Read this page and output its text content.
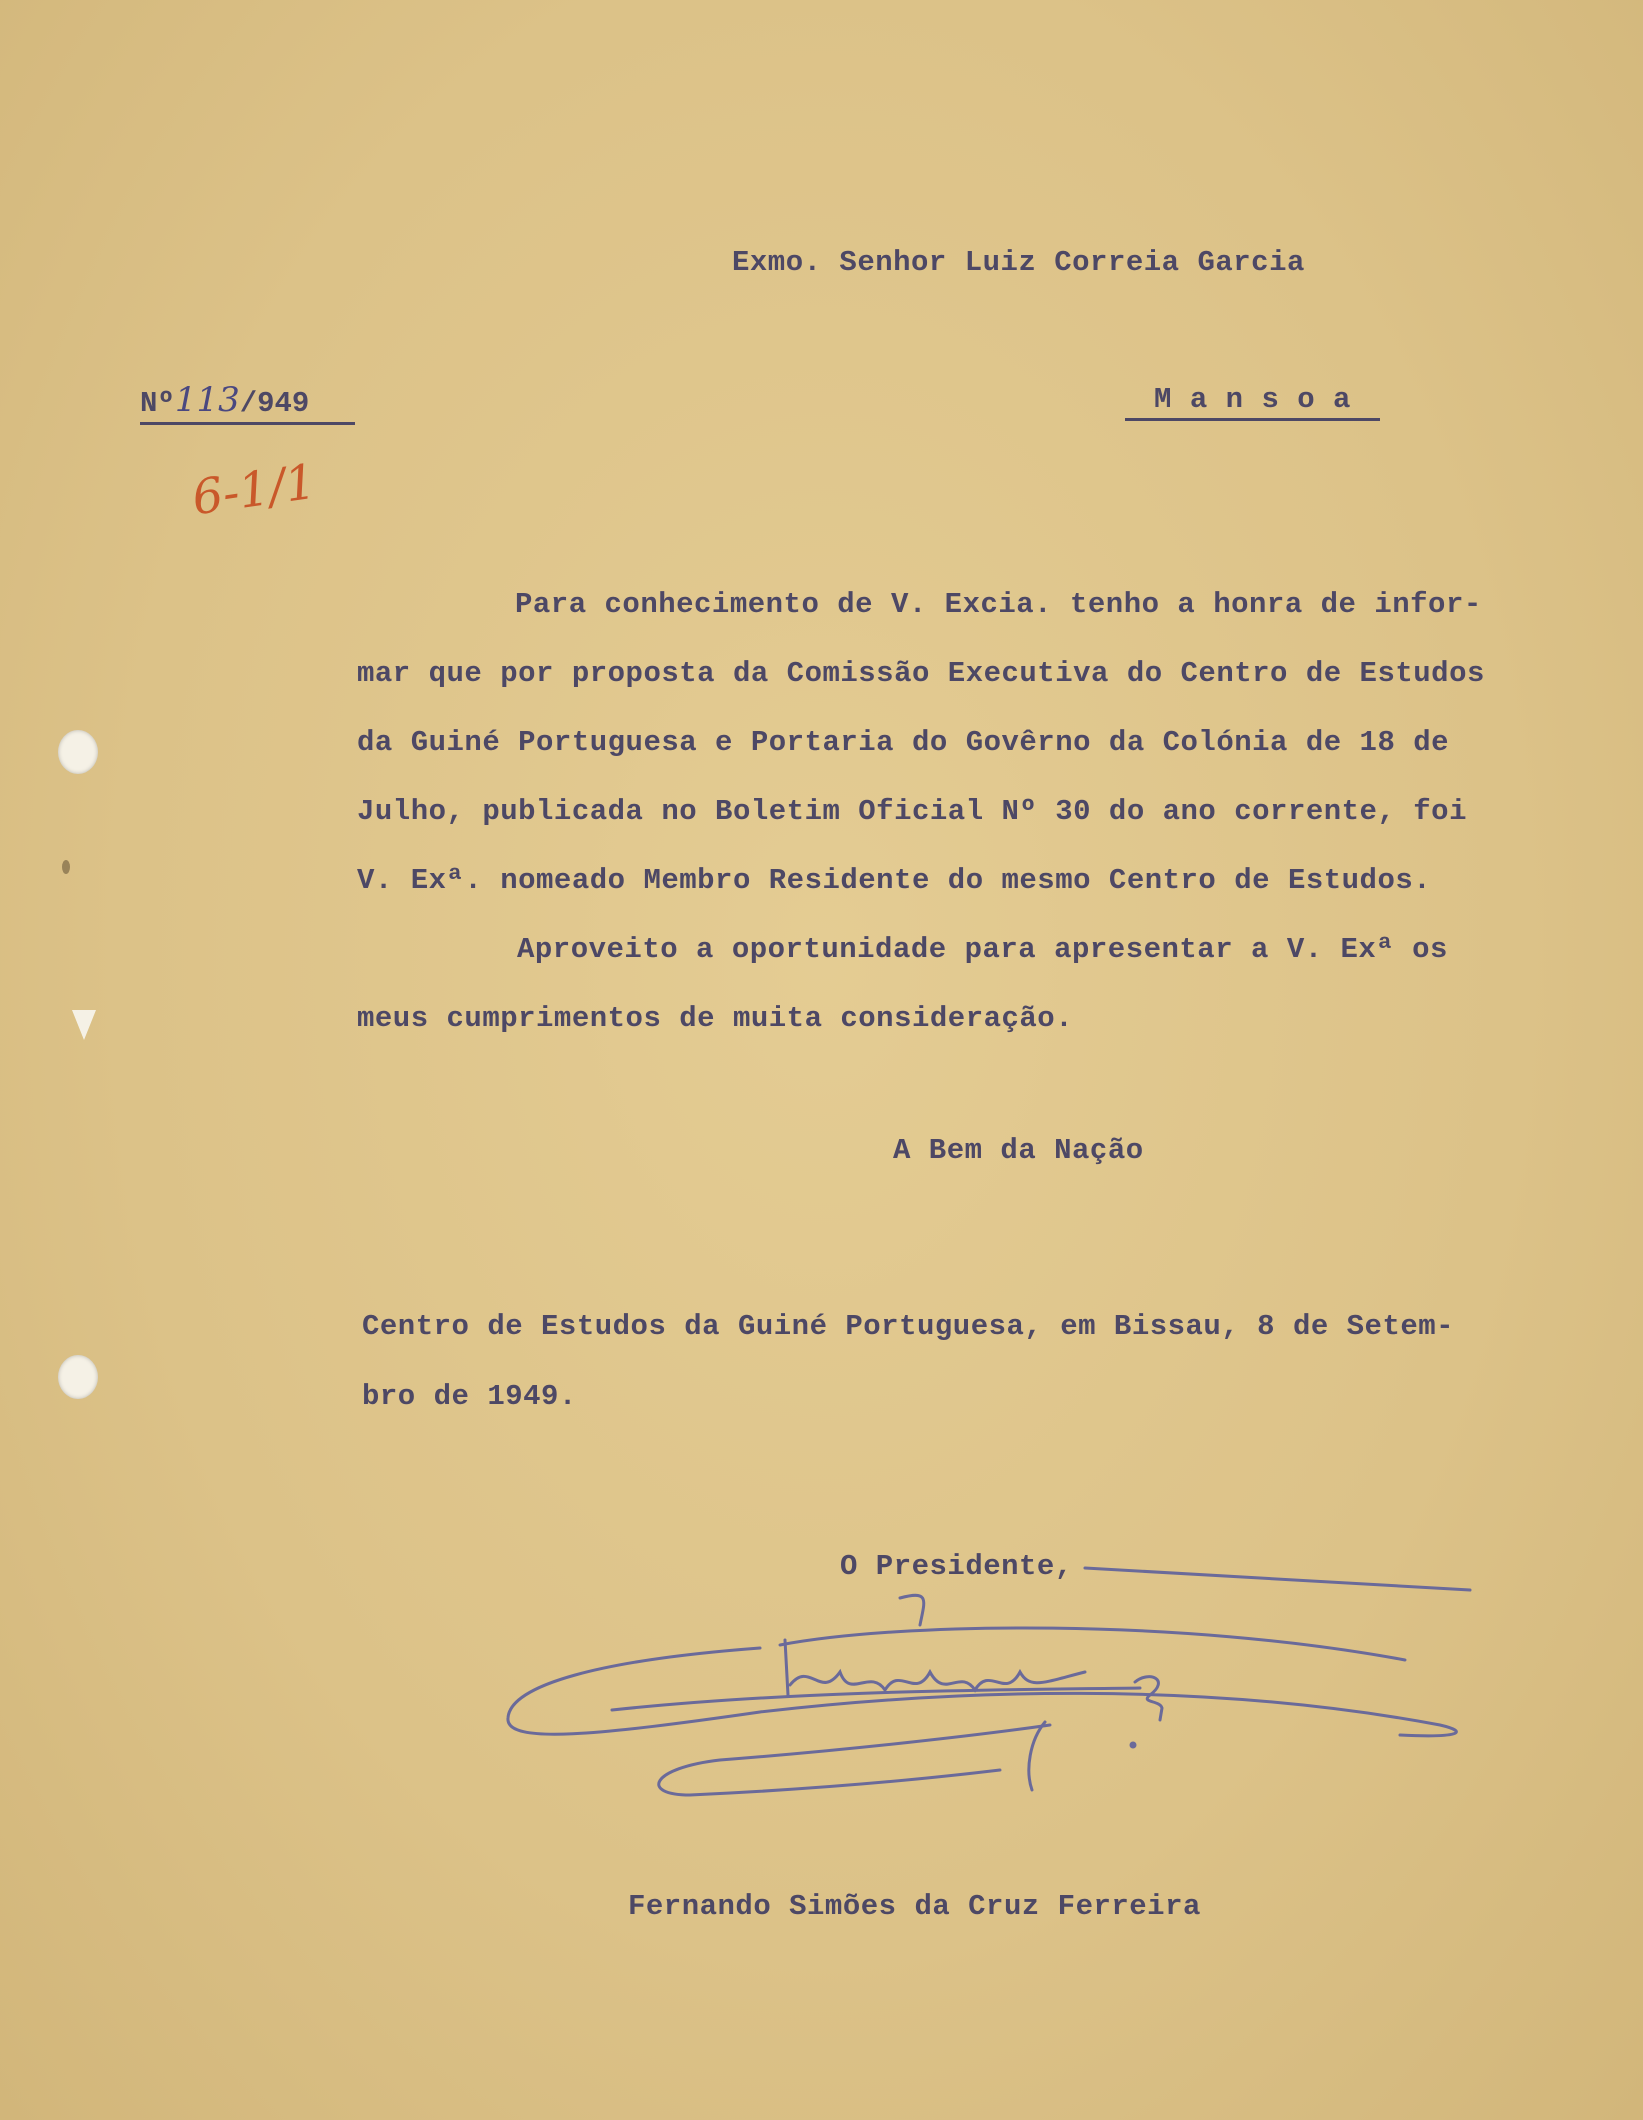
Exmo. Senhor Luiz Correia Garcia
Nº113/949	M a n s o a
6-1/1
Para conhecimento de V. Excia. tenho a honra de infor-
mar que por proposta da Comissão Executiva do Centro de Estudos
da Guiné Portuguesa e Portaria do Govêrno da Colónia de 18 de
Julho, publicada no Boletim Oficial Nº 30 do ano corrente, foi
V. Exª. nomeado Membro Residente do mesmo Centro de Estudos.
Aproveito a oportunidade para apresentar a V. Exª os
meus cumprimentos de muita consideração.
A Bem da Nação
Centro de Estudos da Guiné Portuguesa, em Bissau, 8 de Setem-
bro de 1949.
O Presidente,
Fernando Simões da Cruz Ferreira
